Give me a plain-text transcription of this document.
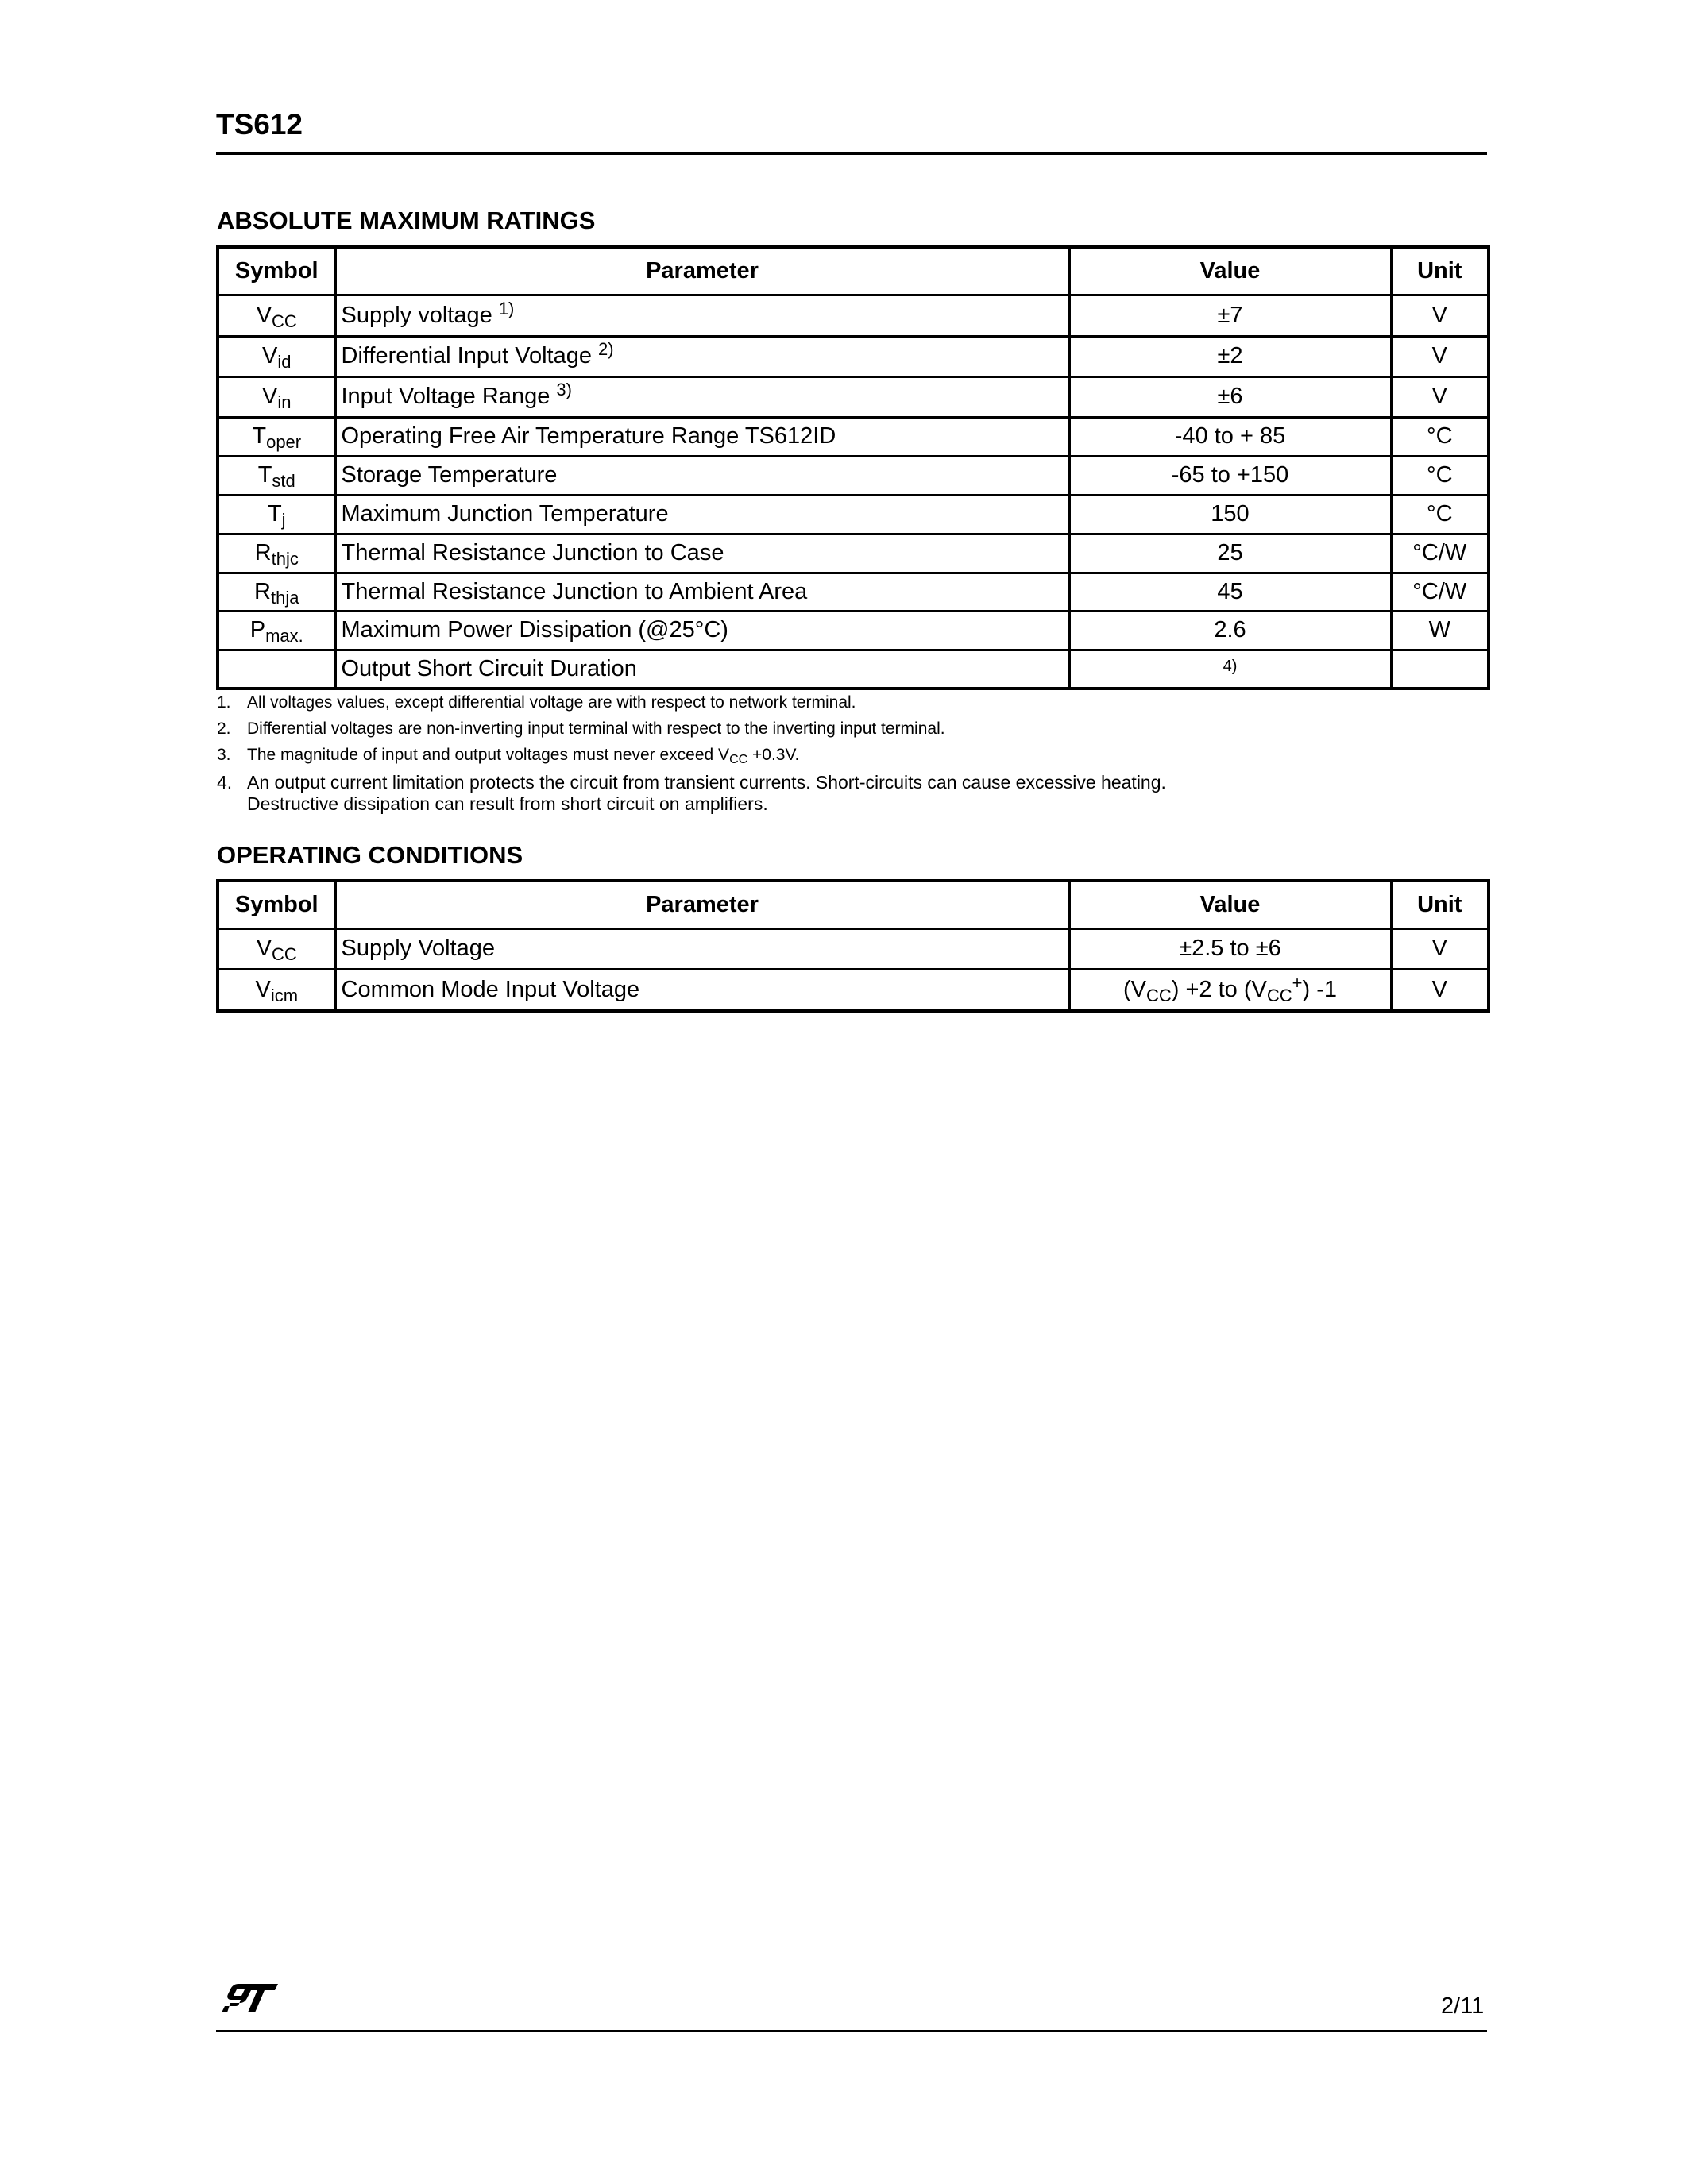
TS612
ABSOLUTE MAXIMUM RATINGS
Symbol	Parameter	Value	Unit
$V_{CC}$	Supply voltage $^{1)}$	±7	V
$V_{id}$	Differential Input Voltage $^{2)}$	±2	V
$V_{in}$	Input Voltage Range $^{3)}$	±6	V
$T_{oper}$	Operating Free Air Temperature Range TS612ID	-40 to + 85	°C
$T_{std}$	Storage Temperature	-65 to +150	°C
$T_j$	Maximum Junction Temperature	150	°C
$R_{thjc}$	Thermal Resistance Junction to Case	25	°C/W
$R_{thja}$	Thermal Resistance Junction to Ambient Area	45	°C/W
$P_{max.}$	Maximum Power Dissipation (@25°C)	2.6	W
	Output Short Circuit Duration	4)	
1. All voltages values, except differential voltage are with respect to network terminal.
2. Differential voltages are non-inverting input terminal with respect to the inverting input terminal.
3. The magnitude of input and output voltages must never exceed $V_{CC} +0.3V$.
4. An output current limitation protects the circuit from transient currents. Short-circuits can cause excessive heating.
Destructive dissipation can result from short circuit on amplifiers.
OPERATING CONDITIONS
Symbol	Parameter	Value	Unit
$V_{CC}$	Supply Voltage	±2.5 to ±6	V
$V_{icm}$	Common Mode Input Voltage	$(V_{CC}) +2$ to $(V_{CC}^+)$ -1	V
2/11
